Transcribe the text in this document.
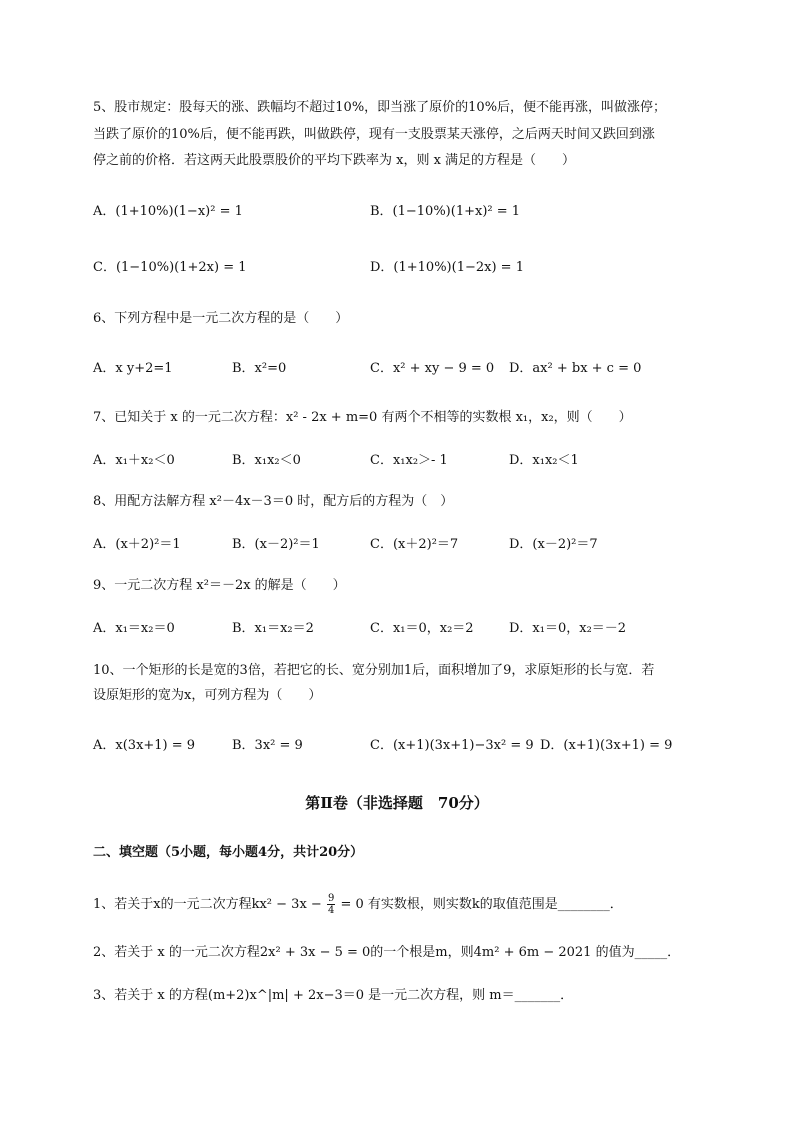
5、股市规定：股每天的涨、跌幅均不超过10%，即当涨了原价的10%后，便不能再涨，叫做涨停；
当跌了原价的10%后，便不能再跌，叫做跌停，现有一支股票某天涨停，之后两天时间又跌回到涨
停之前的价格．若这两天此股票股价的平均下跌率为 x，则 x 满足的方程是（　　）
A．(1+10%)(1−x)² = 1	B．(1−10%)(1+x)² = 1
C．(1−10%)(1+2x) = 1	D．(1+10%)(1−2x) = 1
6、下列方程中是一元二次方程的是（　　）
A．x y+2=1	B．x²=0	C．x² + xy − 9 = 0 D．ax² + bx + c = 0
7、已知关于 x 的一元二次方程：x² - 2x + m=0 有两个不相等的实数根 x₁，x₂，则（　　）
A．x₁＋x₂＜0	B．x₁x₂＜0	C．x₁x₂＞- 1	D．x₁x₂＜1
8、用配方法解方程 x²－4x－3＝0 时，配方后的方程为（　）
A．(x＋2)²＝1	B．(x－2)²＝1	C．(x＋2)²＝7	D．(x－2)²＝7
9、一元二次方程 x²＝－2x 的解是（　　）
A．x₁＝x₂＝0	B．x₁＝x₂＝2	C．x₁＝0，x₂＝2	D．x₁＝0，x₂＝－2
10、一个矩形的长是宽的3倍，若把它的长、宽分别加1后，面积增加了9，求原矩形的长与宽．若
设原矩形的宽为x，可列方程为（　　）
A．x(3x+1) = 9	B．3x² = 9	C．(x+1)(3x+1)−3x² = 9 D．(x+1)(3x+1) = 9
第Ⅱ卷（非选择题　70分）
二、填空题（5小题，每小题4分，共计20分）
1、若关于x的一元二次方程$kx^2 - 3x - \frac{9}{4} = 0$ 有实数根，则实数k的取值范围是________．
2、若关于 x 的一元二次方程2x² + 3x − 5 = 0的一个根是m，则4m² + 6m − 2021 的值为_____．
3、若关于 x 的方程(m+2)x^|m| + 2x−3＝0 是一元二次方程，则 m＝_______．
